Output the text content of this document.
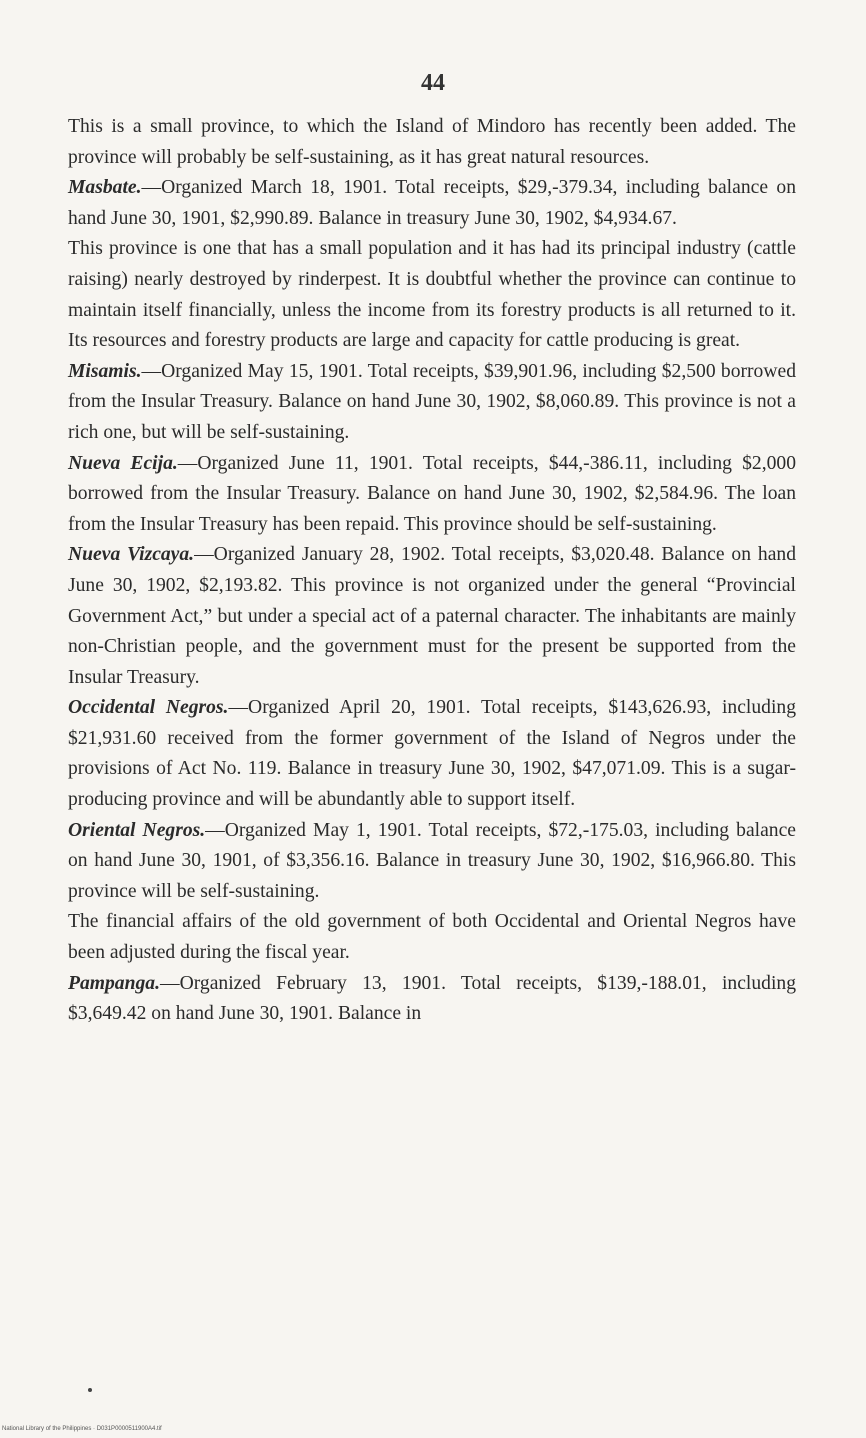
44

This is a small province, to which the Island of Mindoro has recently been added. The province will probably be self-sustaining, as it has great natural resources.

Masbate.—Organized March 18, 1901. Total receipts, $29,-379.34, including balance on hand June 30, 1901, $2,990.89. Balance in treasury June 30, 1902, $4,934.67.

This province is one that has a small population and it has had its principal industry (cattle raising) nearly destroyed by rinderpest. It is doubtful whether the province can continue to maintain itself financially, unless the income from its forestry products is all returned to it. Its resources and forestry products are large and capacity for cattle producing is great.

Misamis.—Organized May 15, 1901. Total receipts, $39,901.96, including $2,500 borrowed from the Insular Treasury. Balance on hand June 30, 1902, $8,060.89. This province is not a rich one, but will be self-sustaining.

Nueva Ecija.—Organized June 11, 1901. Total receipts, $44,-386.11, including $2,000 borrowed from the Insular Treasury. Balance on hand June 30, 1902, $2,584.96. The loan from the Insular Treasury has been repaid. This province should be self-sustaining.

Nueva Vizcaya.—Organized January 28, 1902. Total receipts, $3,020.48. Balance on hand June 30, 1902, $2,193.82. This province is not organized under the general “Provincial Government Act,” but under a special act of a paternal character. The inhabitants are mainly non-Christian people, and the government must for the present be supported from the Insular Treasury.

Occidental Negros.—Organized April 20, 1901. Total receipts, $143,626.93, including $21,931.60 received from the former government of the Island of Negros under the provisions of Act No. 119. Balance in treasury June 30, 1902, $47,071.09. This is a sugar-producing province and will be abundantly able to support itself.

Oriental Negros.—Organized May 1, 1901. Total receipts, $72,-175.03, including balance on hand June 30, 1901, of $3,356.16. Balance in treasury June 30, 1902, $16,966.80. This province will be self-sustaining.

The financial affairs of the old government of both Occidental and Oriental Negros have been adjusted during the fiscal year.

Pampanga.—Organized February 13, 1901. Total receipts, $139,-188.01, including $3,649.42 on hand June 30, 1901. Balance in

National Library of the Philippines · D031P0000511900A4.tif
